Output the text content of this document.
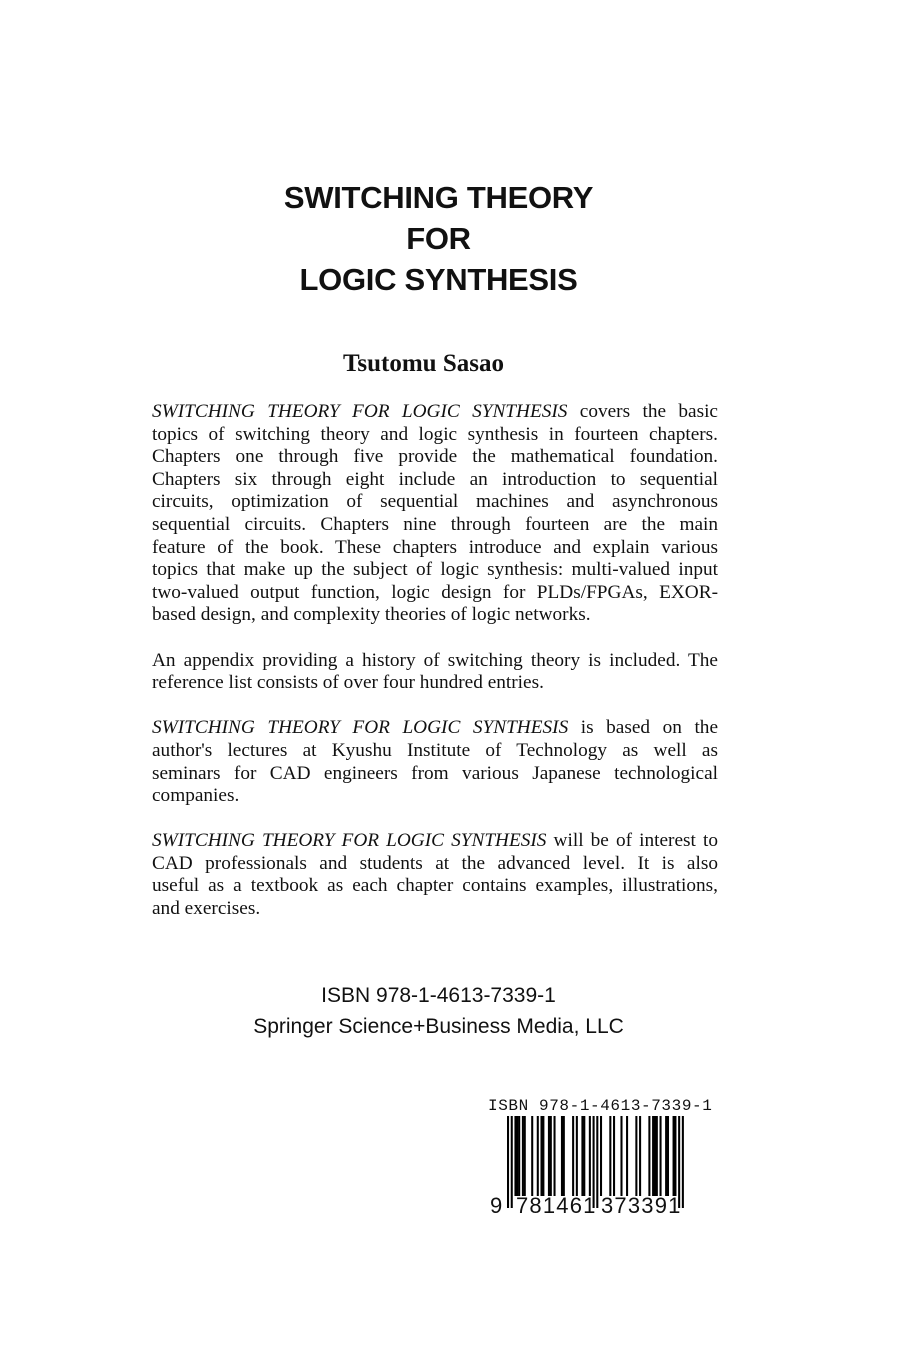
SWITCHING THEORY
FOR
LOGIC SYNTHESIS
Tsutomu Sasao
SWITCHING THEORY FOR LOGIC SYNTHESIS covers the basic
topics of switching theory and logic synthesis in fourteen chapters.
Chapters one through five provide the mathematical foundation.
Chapters six through eight include an introduction to sequential
circuits, optimization of sequential machines and asynchronous
sequential circuits. Chapters nine through fourteen are the main
feature of the book. These chapters introduce and explain various
topics that make up the subject of logic synthesis: multi-valued input
two-valued output function, logic design for PLDs/FPGAs, EXOR-
based design, and complexity theories of logic networks.
An appendix providing a history of switching theory is included. The
reference list consists of over four hundred entries.
SWITCHING THEORY FOR LOGIC SYNTHESIS is based on the
author's lectures at Kyushu Institute of Technology as well as
seminars for CAD engineers from various Japanese technological
companies.
SWITCHING THEORY FOR LOGIC SYNTHESIS will be of interest to
CAD professionals and students at the advanced level. It is also
useful as a textbook as each chapter contains examples, illustrations,
and exercises.
ISBN 978-1-4613-7339-1
Springer Science+Business Media, LLC
ISBN 978-1-4613-7339-1
9 781461 373391
